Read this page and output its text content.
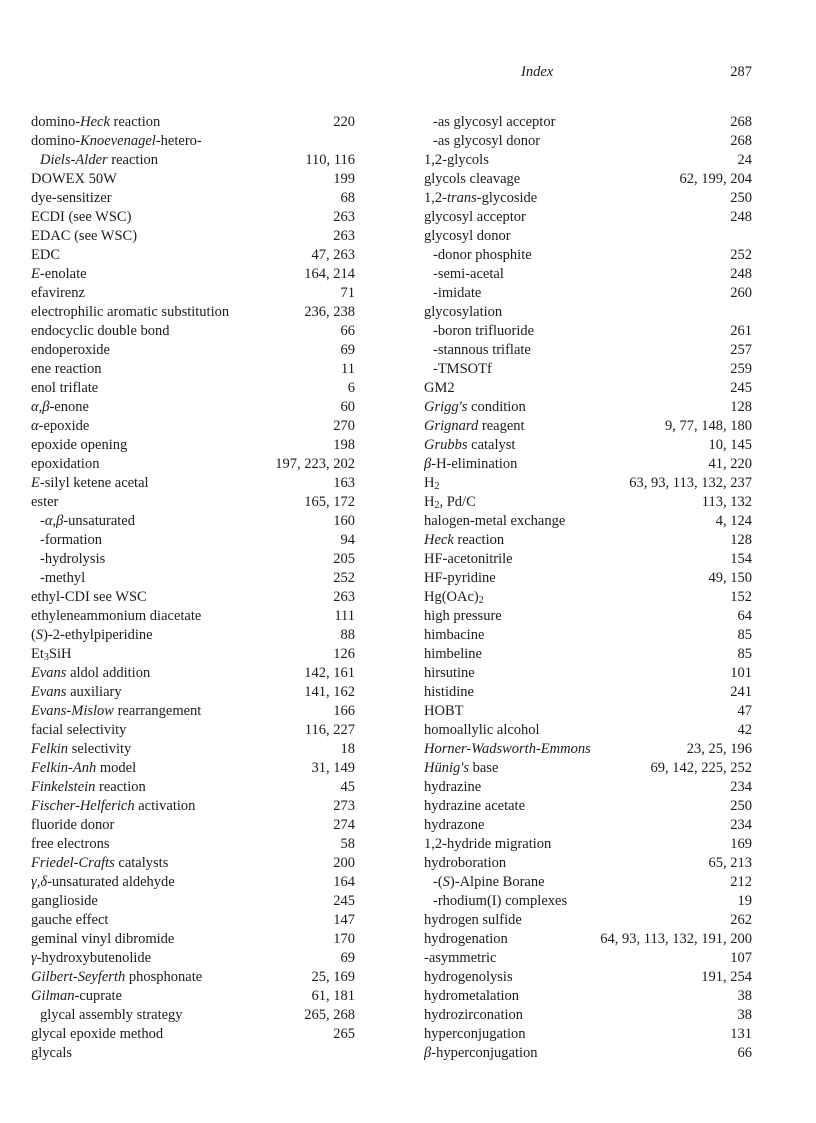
Index	287
domino-Heck reaction	220
domino-Knoevenagel-hetero-
Diels-Alder reaction	110, 116
DOWEX 50W	199
dye-sensitizer	68
ECDI (see WSC)	263
EDAC (see WSC)	263
EDC	47, 263
E-enolate	164, 214
efavirenz	71
electrophilic aromatic substitution	236, 238
endocyclic double bond	66
endoperoxide	69
ene reaction	11
enol triflate	6
α,β-enone	60
α-epoxide	270
epoxide opening	198
epoxidation	197, 223, 202
E-silyl ketene acetal	163
ester	165, 172
-α,β-unsaturated	160
-formation	94
-hydrolysis	205
-methyl	252
ethyl-CDI see WSC	263
ethyleneammonium diacetate	111
(S)-2-ethylpiperidine	88
$Et_3SiH$	126
Evans aldol addition	142, 161
Evans auxiliary	141, 162
Evans-Mislow rearrangement	166
facial selectivity	116, 227
Felkin selectivity	18
Felkin-Anh model	31, 149
Finkelstein reaction	45
Fischer-Helferich activation	273
fluoride donor	274
free electrons	58
Friedel-Crafts catalysts	200
γ,δ-unsaturated aldehyde	164
ganglioside	245
gauche effect	147
geminal vinyl dibromide	170
γ-hydroxybutenolide	69
Gilbert-Seyferth phosphonate	25, 169
Gilman-cuprate	61, 181
glycal assembly strategy	265, 268
glycal epoxide method	265
glycals
-as glycosyl acceptor	268
-as glycosyl donor	268
1,2-glycols	24
glycols cleavage	62, 199, 204
1,2-trans-glycoside	250
glycosyl acceptor	248
glycosyl donor
-donor phosphite	252
-semi-acetal	248
-imidate	260
glycosylation
-boron trifluoride	261
-stannous triflate	257
-TMSOTf	259
GM2	245
Grigg's condition	128
Grignard reagent	9, 77, 148, 180
Grubbs catalyst	10, 145
β-H-elimination	41, 220
$H_2$	63, 93, 113, 132, 237
$H_2$, Pd/C	113, 132
halogen-metal exchange	4, 124
Heck reaction	128
HF-acetonitrile	154
HF-pyridine	49, 150
$Hg(OAc)_2$	152
high pressure	64
himbacine	85
himbeline	85
hirsutine	101
histidine	241
HOBT	47
homoallylic alcohol	42
Horner-Wadsworth-Emmons	23, 25, 196
Hünig's base	69, 142, 225, 252
hydrazine	234
hydrazine acetate	250
hydrazone	234
1,2-hydride migration	169
hydroboration	65, 213
-(S)-Alpine Borane	212
-rhodium(I) complexes	19
hydrogen sulfide	262
hydrogenation	64, 93, 113, 132, 191, 200
-asymmetric	107
hydrogenolysis	191, 254
hydrometalation	38
hydrozirconation	38
hyperconjugation	131
β-hyperconjugation	66
